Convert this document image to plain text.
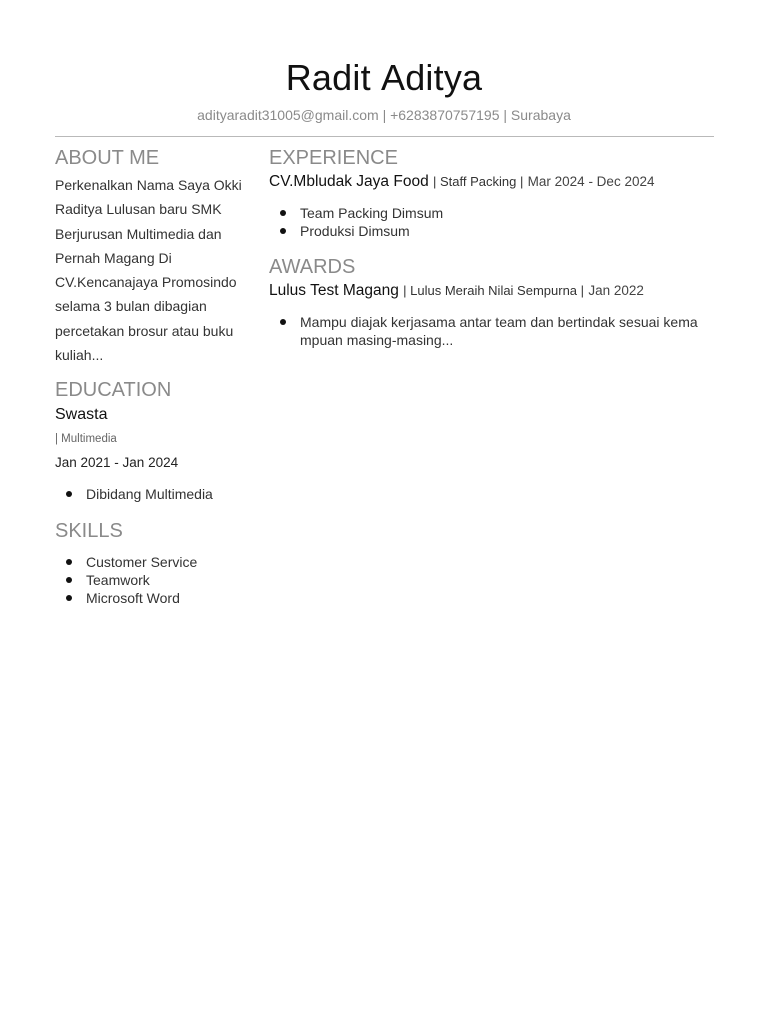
Radit Aditya
adityaradit31005@gmail.com | +6283870757195 | Surabaya
ABOUT ME

Perkenalkan Nama Saya Okki Raditya Lulusan baru SMK Berjurusan Multimedia dan Pernah Magang Di CV.Kencanajaya Promosindo selama 3 bulan dibagian percetakan brosur atau buku kuliah...

EDUCATION
Swasta
| Multimedia
Jan 2021 - Jan 2024
Dibidang Multimedia
SKILLS
Customer Service
Teamwork
Microsoft Word
EXPERIENCE
CV.Mbludak Jaya Food | Staff Packing | Mar 2024 - Dec 2024
Team Packing Dimsum
Produksi Dimsum
AWARDS
Lulus Test Magang | Lulus Meraih Nilai Sempurna | Jan 2022
Mampu diajak kerjasama antar team dan bertindak sesuai kema mpuan masing-masing...
